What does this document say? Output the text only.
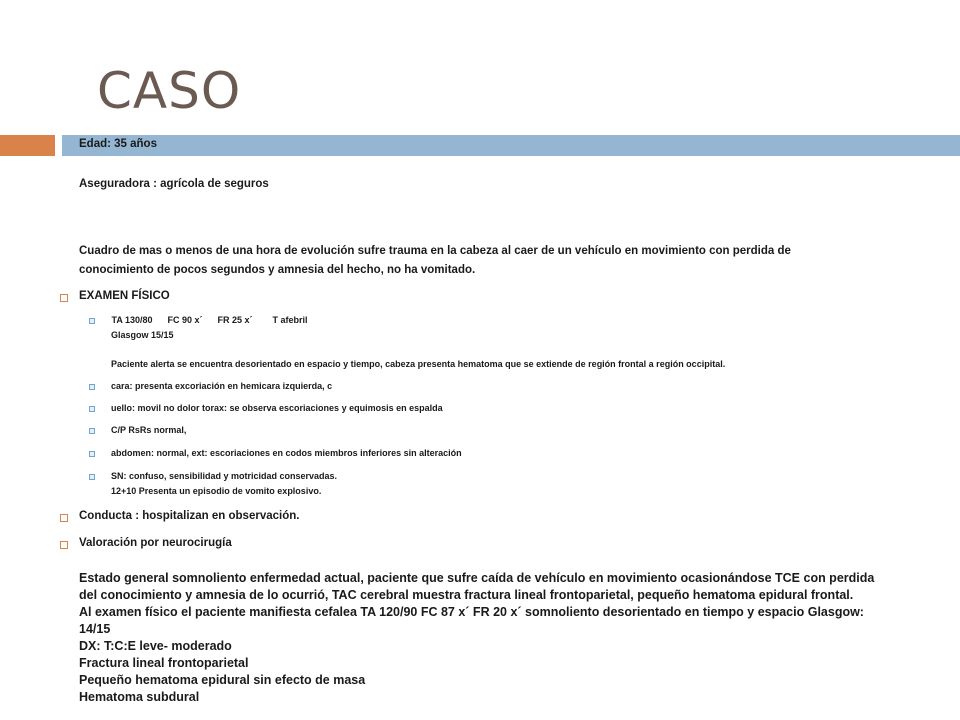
CASO
Edad: 35 años
Aseguradora : agrícola de seguros
Cuadro de mas o menos de una hora de evolución sufre trauma en la cabeza al caer de un vehículo en movimiento con perdida de
conocimiento de pocos segundos y amnesia del hecho, no ha vomitado.
EXAMEN FÍSICO
TA 130/80      FC 90 x´      FR 25 x´        T afebril
Glasgow 15/15
Paciente alerta se encuentra desorientado en espacio y tiempo, cabeza presenta hematoma que se extiende de región frontal a región occipital.
cara: presenta excoriación en hemicara izquierda, c
uello: movil no dolor torax: se observa escoriaciones y equimosis en espalda
C/P RsRs normal,
abdomen: normal, ext: escoriaciones en codos miembros inferiores sin alteración
SN: confuso, sensibilidad y motricidad conservadas.
12+10 Presenta un episodio de vomito explosivo.
Conducta : hospitalizan en observación.
Valoración por neurocirugía
Estado general somnoliento enfermedad actual, paciente que sufre caída de vehículo en movimiento ocasionándose TCE con perdida
del conocimiento y amnesia de lo ocurrió, TAC cerebral muestra fractura lineal frontoparietal, pequeño hematoma epidural frontal.
Al examen físico el paciente manifiesta cefalea TA 120/90 FC 87 x´ FR 20 x´ somnoliento desorientado en tiempo y espacio Glasgow:
14/15
DX: T:C:E leve- moderado
Fractura lineal frontoparietal
Pequeño hematoma epidural sin efecto de masa
Hematoma subdural
